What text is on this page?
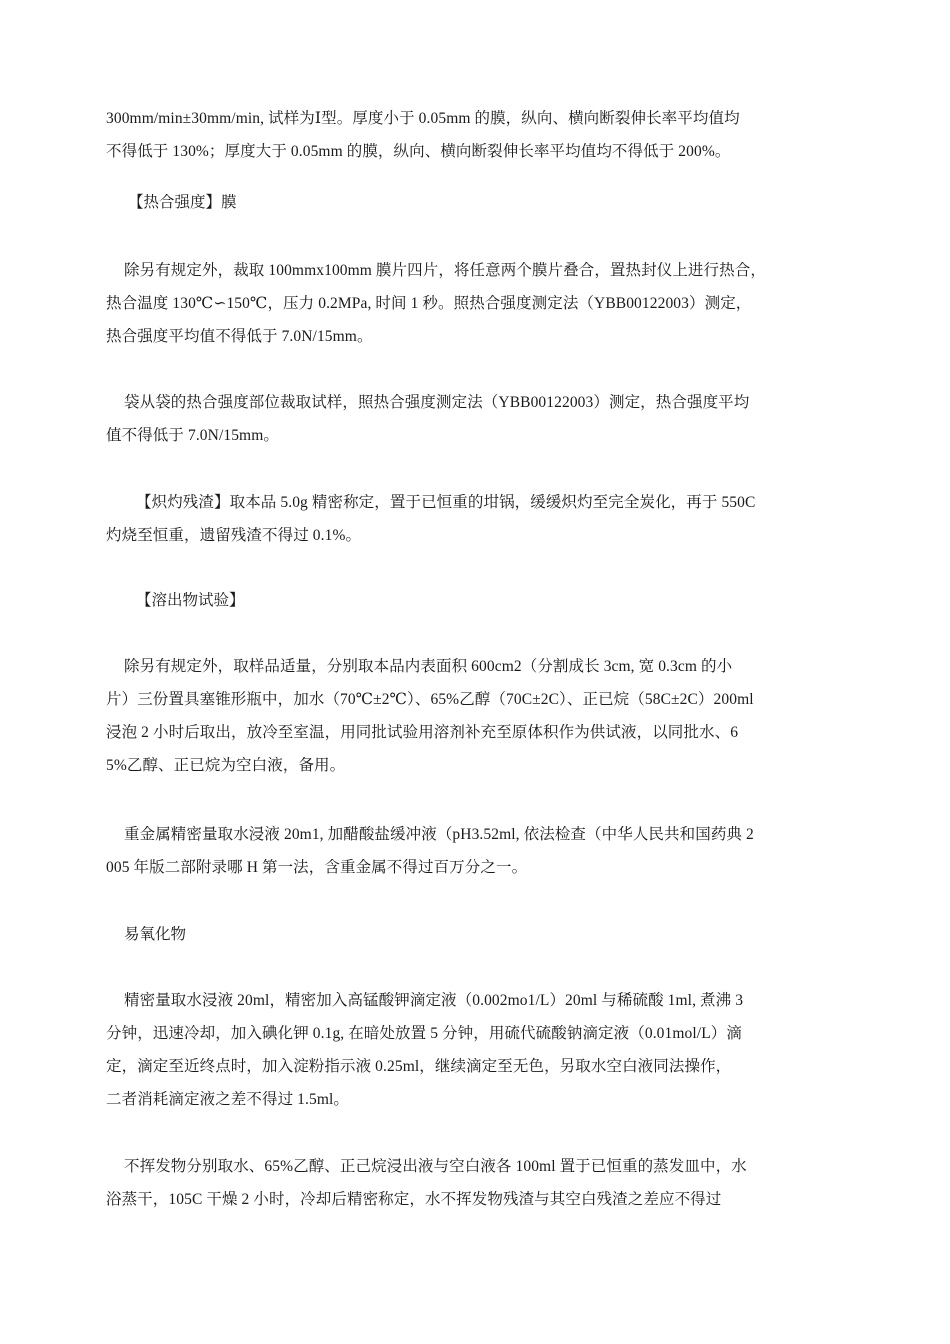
300mm/min±30mm/min, 试样为Ⅰ型。厚度小于 0.05mm 的膜，纵向、横向断裂伸长率平均值均
不得低于 130%；厚度大于 0.05mm 的膜，纵向、横向断裂伸长率平均值均不得低于 200%。

【热合强度】膜

除另有规定外，裁取 100mmx100mm 膜片四片，将任意两个膜片叠合，置热封仪上进行热合，
热合温度 130℃∽150℃，压力 0.2MPa, 时间 1 秒。照热合强度测定法（YBB00122003）测定，
热合强度平均值不得低于 7.0N/15mm。

袋从袋的热合强度部位裁取试样，照热合强度测定法（YBB00122003）测定，热合强度平均
值不得低于 7.0N/15mm。

【炽灼残渣】取本品 5.0g 精密称定，置于已恒重的坩锅，缓缓炽灼至完全炭化，再于 550C
灼烧至恒重，遗留残渣不得过 0.1%。

【溶出物试验】

除另有规定外，取样品适量，分别取本品内表面积 600cm2（分割成长 3cm, 宽 0.3cm 的小
片）三份置具塞锥形瓶中，加水（70℃±2℃）、65%乙醇（70C±2C）、正已烷（58C±2C）200ml
浸泡 2 小时后取出，放冷至室温，用同批试验用溶剂补充至原体积作为供试液，以同批水、6
5%乙醇、正已烷为空白液，备用。

重金属精密量取水浸液 20m1, 加醋酸盐缓冲液（pH3.52ml, 依法检查（中华人民共和国药典 2
005 年版二部附录哪 H 第一法，含重金属不得过百万分之一。

易氧化物

精密量取水浸液 20ml，精密加入高锰酸钾滴定液（0.002mo1/L）20ml 与稀硫酸 1ml, 煮沸 3
分钟，迅速冷却，加入碘化钾 0.1g, 在暗处放置 5 分钟，用硫代硫酸钠滴定液（0.01mol/L）滴
定，滴定至近终点时，加入淀粉指示液 0.25ml，继续滴定至无色，另取水空白液同法操作，
二者消耗滴定液之差不得过 1.5ml。

不挥发物分别取水、65%乙醇、正己烷浸出液与空白液各 100ml 置于已恒重的蒸发皿中，水
浴蒸干，105C 干燥 2 小时，冷却后精密称定，水不挥发物残渣与其空白残渣之差应不得过
